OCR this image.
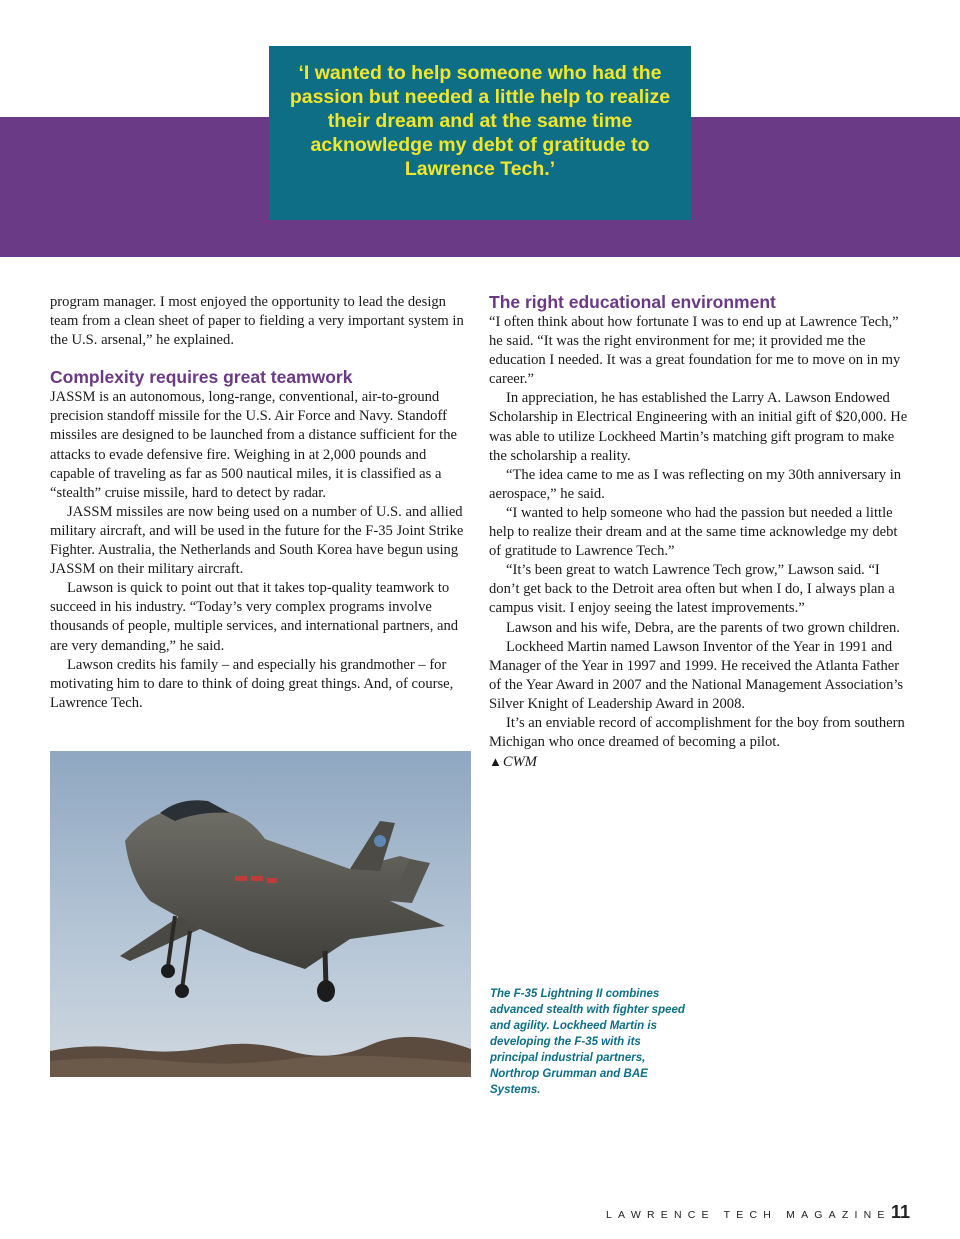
‘I wanted to help someone who had the passion but needed a little help to realize their dream and at the same time acknowledge my debt of gratitude to Lawrence Tech.’

program manager. I most enjoyed the opportunity to lead the design team from a clean sheet of paper to fielding a very important system in the U.S. arsenal,” he explained.

Complexity requires great teamwork

JASSM is an autonomous, long-range, conventional, air-to-ground precision standoff missile for the U.S. Air Force and Navy. Standoff missiles are designed to be launched from a distance sufficient for the attacks to evade defensive fire. Weighing in at 2,000 pounds and capable of traveling as far as 500 nautical miles, it is classified as a “stealth” cruise missile, hard to detect by radar.

JASSM missiles are now being used on a number of U.S. and allied military aircraft, and will be used in the future for the F-35 Joint Strike Fighter. Australia, the Netherlands and South Korea have begun using JASSM on their military aircraft.

Lawson is quick to point out that it takes top-quality teamwork to succeed in his industry. “Today’s very complex programs involve thousands of people, multiple services, and international partners, and are very demanding,” he said.

Lawson credits his family – and especially his grandmother – for motivating him to dare to think of doing great things. And, of course, Lawrence Tech.

The right educational environment

“I often think about how fortunate I was to end up at Lawrence Tech,” he said. “It was the right environment for me; it provided me the education I needed. It was a great foundation for me to move on in my career.”

In appreciation, he has established the Larry A. Lawson Endowed Scholarship in Electrical Engineering with an initial gift of $20,000. He was able to utilize Lockheed Martin’s matching gift program to make the scholarship a reality.

“The idea came to me as I was reflecting on my 30th anniversary in aerospace,” he said.

“I wanted to help someone who had the passion but needed a little help to realize their dream and at the same time acknowledge my debt of gratitude to Lawrence Tech.”

“It’s been great to watch Lawrence Tech grow,” Lawson said. “I don’t get back to the Detroit area often but when I do, I always plan a campus visit. I enjoy seeing the latest improvements.”

Lawson and his wife, Debra, are the parents of two grown children.

Lockheed Martin named Lawson Inventor of the Year in 1991 and Manager of the Year in 1997 and 1999. He received the Atlanta Father of the Year Award in 2007 and the National Management Association’s Silver Knight of Leadership Award in 2008.

It’s an enviable record of accomplishment for the boy from southern Michigan who once dreamed of becoming a pilot.

▲CWM

The F-35 Lightning II combines advanced stealth with fighter speed and agility. Lockheed Martin is developing the F-35 with its principal industrial partners, Northrop Grumman and BAE Systems.
LAWRENCE TECH MAGAZINE 11
